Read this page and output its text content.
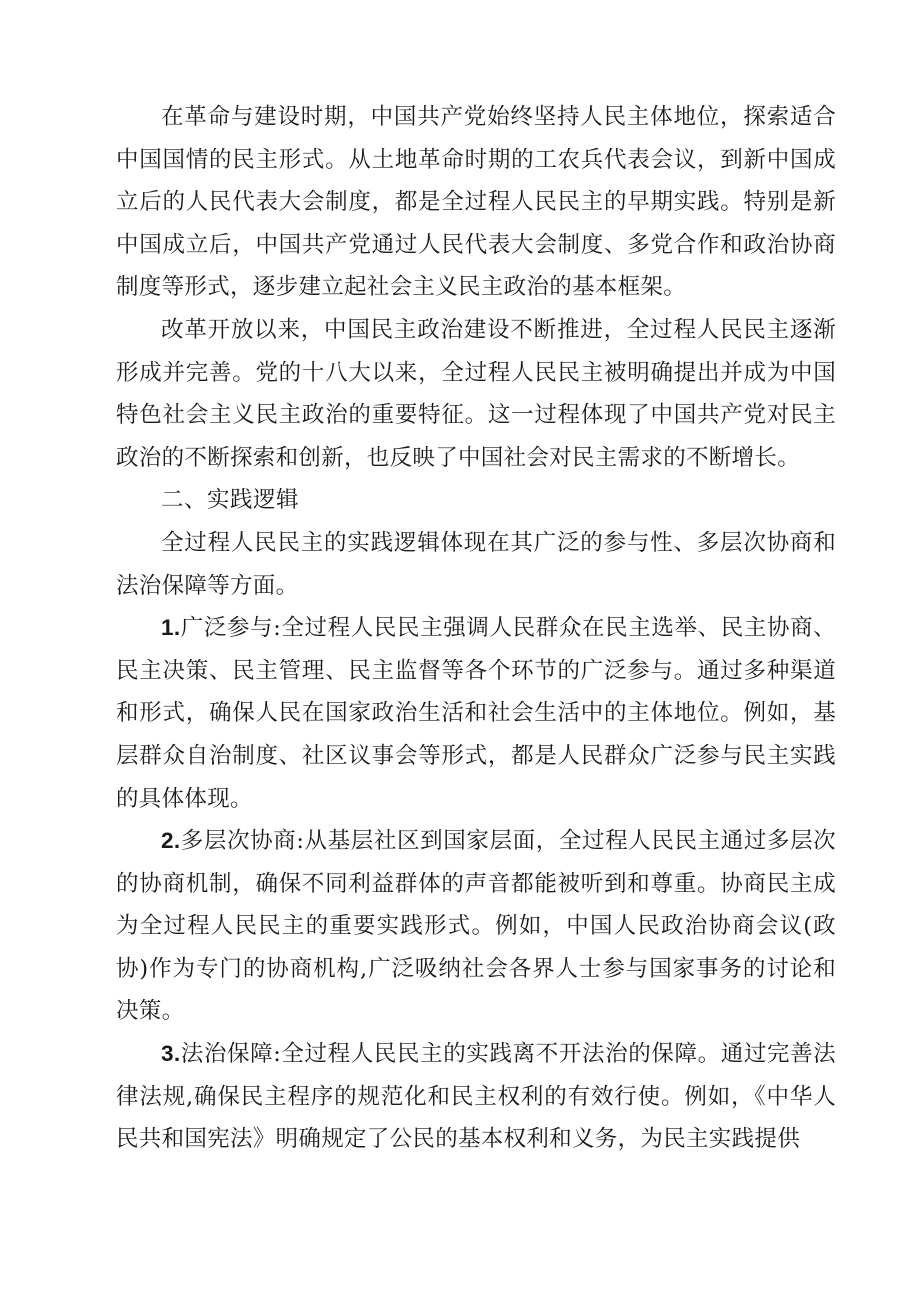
在革命与建设时期，中国共产党始终坚持人民主体地位，探索适合中国国情的民主形式。从土地革命时期的工农兵代表会议，到新中国成立后的人民代表大会制度，都是全过程人民民主的早期实践。特别是新中国成立后，中国共产党通过人民代表大会制度、多党合作和政治协商制度等形式，逐步建立起社会主义民主政治的基本框架。

改革开放以来，中国民主政治建设不断推进，全过程人民民主逐渐形成并完善。党的十八大以来，全过程人民民主被明确提出并成为中国特色社会主义民主政治的重要特征。这一过程体现了中国共产党对民主政治的不断探索和创新，也反映了中国社会对民主需求的不断增长。

二、实践逻辑

全过程人民民主的实践逻辑体现在其广泛的参与性、多层次协商和法治保障等方面。

1.广泛参与:全过程人民民主强调人民群众在民主选举、民主协商、民主决策、民主管理、民主监督等各个环节的广泛参与。通过多种渠道和形式，确保人民在国家政治生活和社会生活中的主体地位。例如，基层群众自治制度、社区议事会等形式，都是人民群众广泛参与民主实践的具体体现。

2.多层次协商:从基层社区到国家层面，全过程人民民主通过多层次的协商机制，确保不同利益群体的声音都能被听到和尊重。协商民主成为全过程人民民主的重要实践形式。例如，中国人民政治协商会议(政协)作为专门的协商机构,广泛吸纳社会各界人士参与国家事务的讨论和决策。

3.法治保障:全过程人民民主的实践离不开法治的保障。通过完善法律法规,确保民主程序的规范化和民主权利的有效行使。例如，《中华人民共和国宪法》明确规定了公民的基本权利和义务，为民主实践提供
